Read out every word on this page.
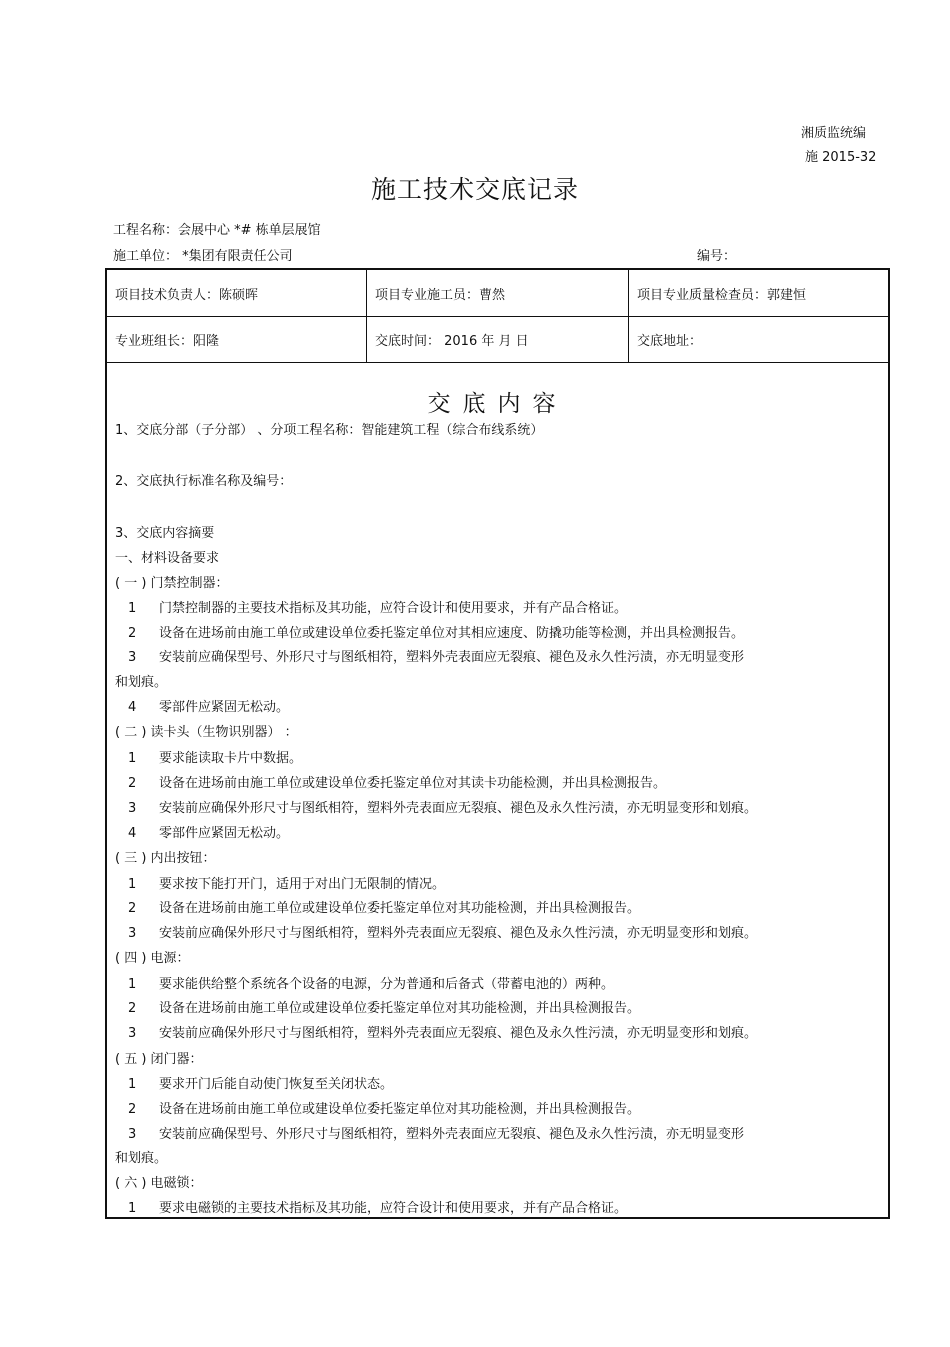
湘质监统编
施 2015-32
施工技术交底记录
工程名称：会展中心 *# 栋单层展馆
施工单位： *集团有限责任公司	编号：
项目技术负责人：陈硕晖	项目专业施工员：曹然	项目专业质量检查员：郭建恒
专业班组长：阳隆	交底时间： 2016 年 月 日	交底地址：
交底内容
1、交底分部（子分部） 、分项工程名称：智能建筑工程（综合布线系统）
2、交底执行标准名称及编号：
3、交底内容摘要
一、材料设备要求
( 一 ) 门禁控制器：
1 门禁控制器的主要技术指标及其功能，应符合设计和使用要求，并有产品合格证。
2 设备在进场前由施工单位或建设单位委托鉴定单位对其相应速度、防撬功能等检测，并出具检测报告。
3 安装前应确保型号、外形尺寸与图纸相符，塑料外壳表面应无裂痕、褪色及永久性污渍，亦无明显变形
和划痕。
4 零部件应紧固无松动。
( 二 ) 读卡头（生物识别器） ：
1 要求能读取卡片中数据。
2 设备在进场前由施工单位或建设单位委托鉴定单位对其读卡功能检测，并出具检测报告。
3 安装前应确保外形尺寸与图纸相符，塑料外壳表面应无裂痕、褪色及永久性污渍，亦无明显变形和划痕。
4 零部件应紧固无松动。
( 三 ) 内出按钮：
1 要求按下能打开门，适用于对出门无限制的情况。
2 设备在进场前由施工单位或建设单位委托鉴定单位对其功能检测，并出具检测报告。
3 安装前应确保外形尺寸与图纸相符，塑料外壳表面应无裂痕、褪色及永久性污渍，亦无明显变形和划痕。
( 四 ) 电源：
1 要求能供给整个系统各个设备的电源，分为普通和后备式（带蓄电池的）两种。
2 设备在进场前由施工单位或建设单位委托鉴定单位对其功能检测，并出具检测报告。
3 安装前应确保外形尺寸与图纸相符，塑料外壳表面应无裂痕、褪色及永久性污渍，亦无明显变形和划痕。
( 五 ) 闭门器：
1 要求开门后能自动使门恢复至关闭状态。
2 设备在进场前由施工单位或建设单位委托鉴定单位对其功能检测，并出具检测报告。
3 安装前应确保型号、外形尺寸与图纸相符，塑料外壳表面应无裂痕、褪色及永久性污渍，亦无明显变形
和划痕。
( 六 ) 电磁锁：
1 要求电磁锁的主要技术指标及其功能，应符合设计和使用要求，并有产品合格证。
